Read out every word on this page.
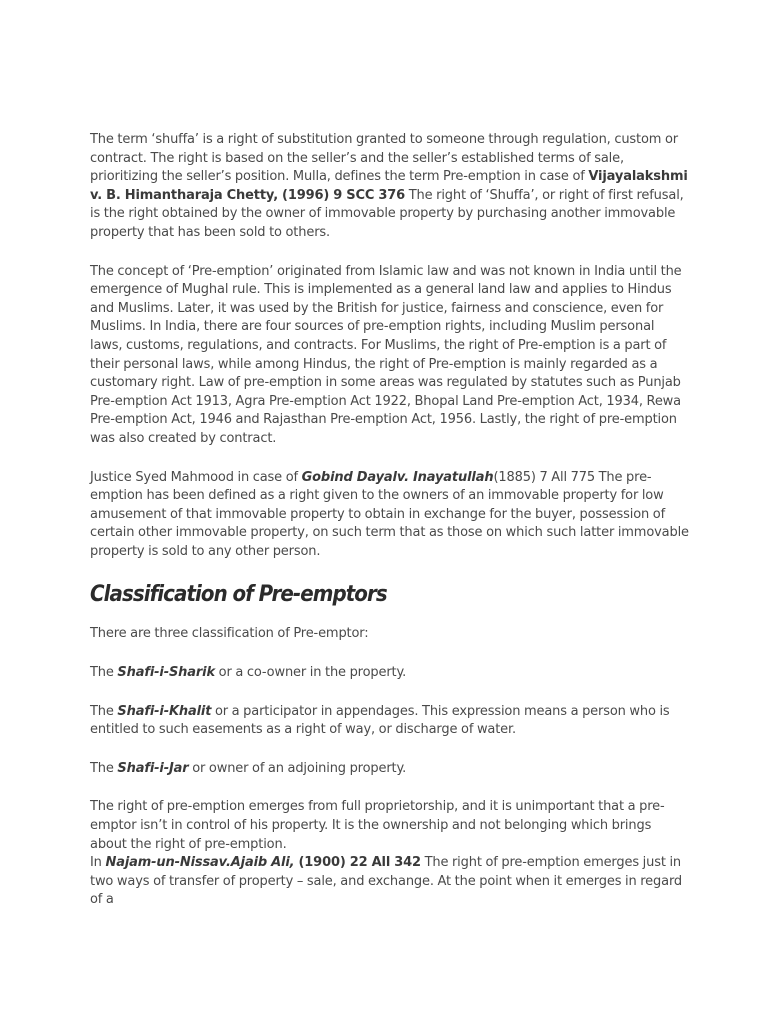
The term ‘shuffa’ is a right of substitution granted to someone through regulation, custom or contract. The right is based on the seller’s and the seller’s established terms of sale, prioritizing the seller’s position. Mulla, defines the term Pre-emption in case of Vijayalakshmi v. B. Himantharaja Chetty, (1996) 9 SCC 376 The right of ‘Shuffa’, or right of first refusal, is the right obtained by the owner of immovable property by purchasing another immovable property that has been sold to others.

The concept of ‘Pre-emption’ originated from Islamic law and was not known in India until the emergence of Mughal rule. This is implemented as a general land law and applies to Hindus and Muslims. Later, it was used by the British for justice, fairness and conscience, even for Muslims. In India, there are four sources of pre-emption rights, including Muslim personal laws, customs, regulations, and contracts. For Muslims, the right of Pre-emption is a part of their personal laws, while among Hindus, the right of Pre-emption is mainly regarded as a customary right. Law of pre-emption in some areas was regulated by statutes such as Punjab Pre-emption Act 1913, Agra Pre-emption Act 1922, Bhopal Land Pre-emption Act, 1934, Rewa Pre-emption Act, 1946 and Rajasthan Pre-emption Act, 1956. Lastly, the right of pre-emption was also created by contract.

Justice Syed Mahmood in case of Gobind Dayalv. Inayatullah(1885) 7 All 775 The pre-emption has been defined as a right given to the owners of an immovable property for low amusement of that immovable property to obtain in exchange for the buyer, possession of certain other immovable property, on such term that as those on which such latter immovable property is sold to any other person.

Classification of Pre-emptors

There are three classification of Pre-emptor:

The Shafi-i-Sharik or a co-owner in the property.

The Shafi-i-Khalit or a participator in appendages. This expression means a person who is entitled to such easements as a right of way, or discharge of water.

The Shafi-i-Jar or owner of an adjoining property.

The right of pre-emption emerges from full proprietorship, and it is unimportant that a pre-emptor isn’t in control of his property. It is the ownership and not belonging which brings about the right of pre-emption.

In Najam-un-Nissav.Ajaib Ali, (1900) 22 All 342 The right of pre-emption emerges just in two ways of transfer of property – sale, and exchange. At the point when it emerges in regard of a
